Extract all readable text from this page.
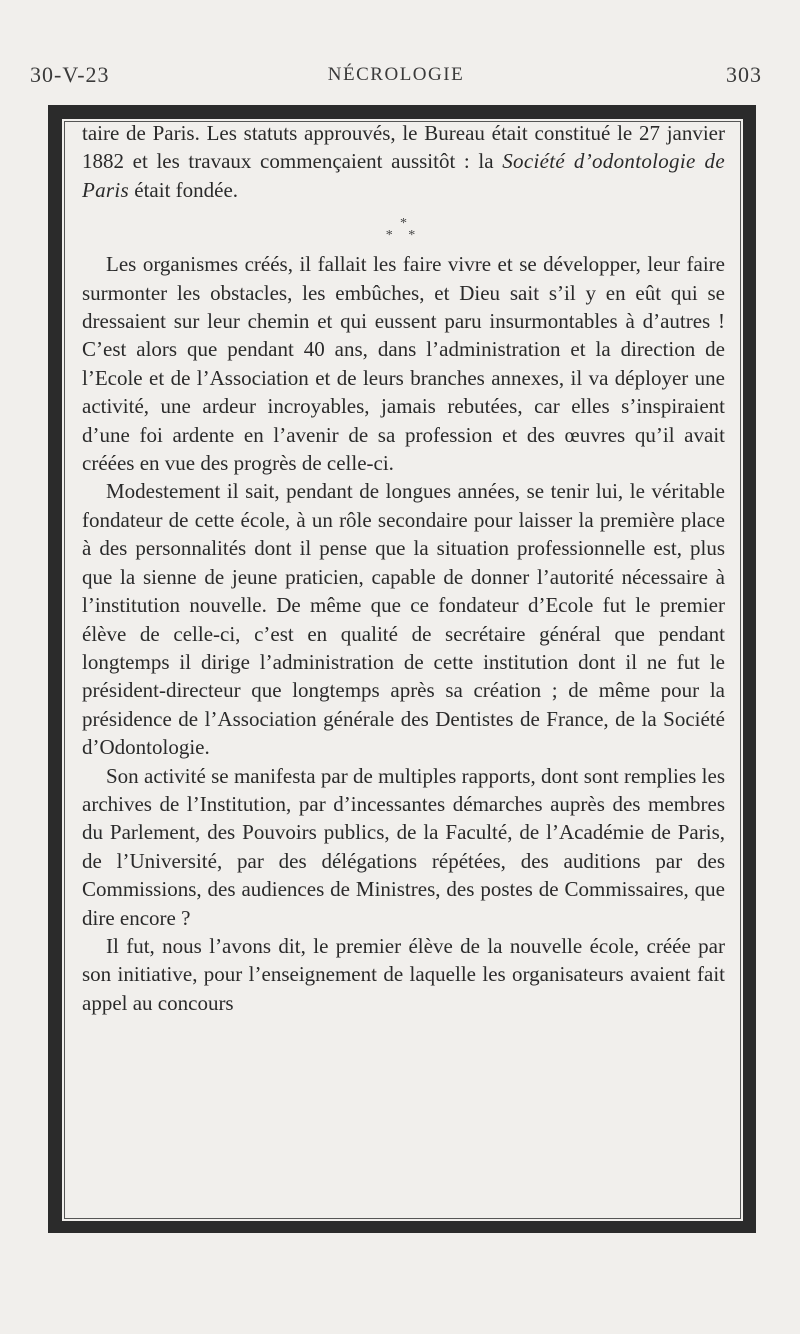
30-V-23	NÉCROLOGIE	303

taire de Paris. Les statuts approuvés, le Bureau était constitué le 27 janvier 1882 et les travaux commençaient aussitôt : la Société d’odontologie de Paris était fondée.

*
* *

Les organismes créés, il fallait les faire vivre et se développer, leur faire surmonter les obstacles, les embûches, et Dieu sait s’il y en eût qui se dressaient sur leur chemin et qui eussent paru insurmontables à d’autres ! C’est alors que pendant 40 ans, dans l’administration et la direction de l’Ecole et de l’Association et de leurs branches annexes, il va déployer une activité, une ardeur incroyables, jamais rebutées, car elles s’inspiraient d’une foi ardente en l’avenir de sa profession et des œuvres qu’il avait créées en vue des progrès de celle-ci.

Modestement il sait, pendant de longues années, se tenir lui, le véritable fondateur de cette école, à un rôle secondaire pour laisser la première place à des personnalités dont il pense que la situation professionnelle est, plus que la sienne de jeune praticien, capable de donner l’autorité nécessaire à l’institution nouvelle. De même que ce fondateur d’Ecole fut le premier élève de celle-ci, c’est en qualité de secrétaire général que pendant longtemps il dirige l’administration de cette institution dont il ne fut le président-directeur que longtemps après sa création ; de même pour la présidence de l’Association générale des Dentistes de France, de la Société d’Odontologie.

Son activité se manifesta par de multiples rapports, dont sont remplies les archives de l’Institution, par d’incessantes démarches auprès des membres du Parlement, des Pouvoirs publics, de la Faculté, de l’Académie de Paris, de l’Université, par des délégations répétées, des auditions par des Commissions, des audiences de Ministres, des postes de Commissaires, que dire encore ?

Il fut, nous l’avons dit, le premier élève de la nouvelle école, créée par son initiative, pour l’enseignement de laquelle les organisateurs avaient fait appel au concours
